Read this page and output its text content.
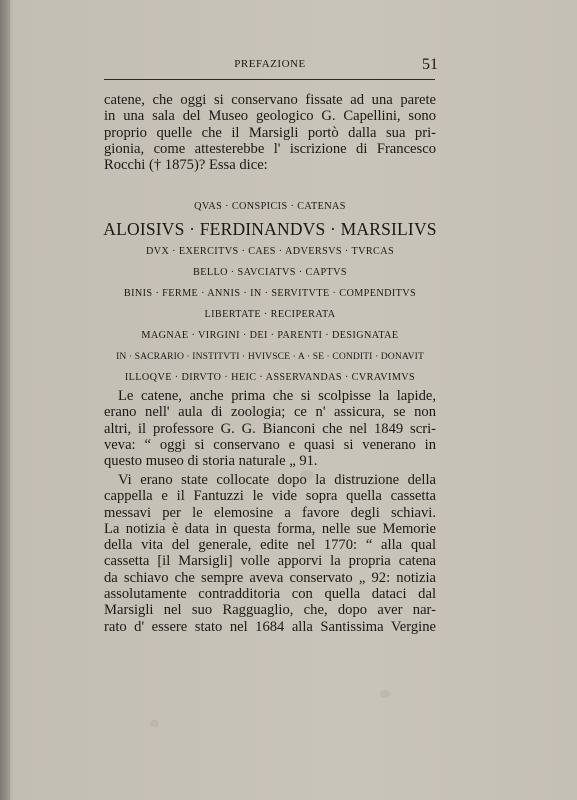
PREFAZIONE	51
catene, che oggi si conservano fissate ad una parete
in una sala del Museo geologico G. Capellini, sono
proprio quelle che il Marsigli portò dalla sua pri-
gionia, come attesterebbe l' iscrizione di Francesco
Rocchi († 1875)? Essa dice:
QVAS · CONSPICIS · CATENAS
ALOISIVS · FERDINANDVS · MARSILIVS
DVX · EXERCITVS · CAES · ADVERSVS · TVRCAS
BELLO · SAVCIATVS · CAPTVS
BINIS · FERME · ANNIS · IN · SERVITVTE · COMPENDITVS
LIBERTATE · RECIPERATA
MAGNAE · VIRGINI · DEI · PARENTI · DESIGNATAE
IN · SACRARIO · INSTITVTI · HVIVSCE · A · SE · CONDITI · DONAVIT
ILLOQVE · DIRVTO · HEIC · ASSERVANDAS · CVRAVIMVS
Le catene, anche prima che si scolpisse la lapide,
erano nell' aula di zoologia; ce n' assicura, se non
altri, il professore G. G. Bianconi che nel 1849 scri-
veva: “ oggi si conservano e quasi si venerano in
questo museo di storia naturale „ 91.
Vi erano state collocate dopo la distruzione della
cappella e il Fantuzzi le vide sopra quella cassetta
messavi per le elemosine a favore degli schiavi.
La notizia è data in questa forma, nelle sue Memorie
della vita del generale, edite nel 1770: “ alla qual
cassetta [il Marsigli] volle apporvi la propria catena
da schiavo che sempre aveva conservato „ 92: notizia
assolutamente contradditoria con quella dataci dal
Marsigli nel suo Ragguaglio, che, dopo aver nar-
rato d' essere stato nel 1684 alla Santissima Vergine
